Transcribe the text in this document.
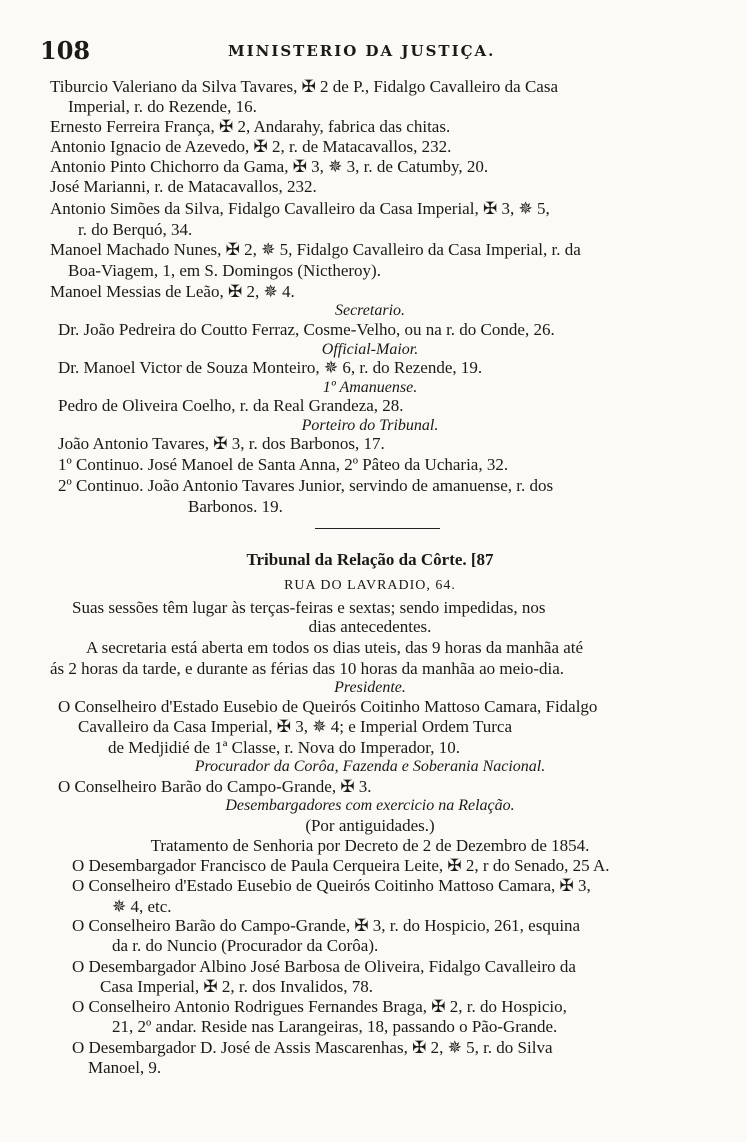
108	MINISTERIO DA JUSTIÇA.
Tiburcio Valeriano da Silva Tavares, ✠ 2 de P., Fidalgo Cavalleiro da Casa
Imperial, r. do Rezende, 16.
Ernesto Ferreira França, ✠ 2, Andarahy, fabrica das chitas.
Antonio Ignacio de Azevedo, ✠ 2, r. de Matacavallos, 232.
Antonio Pinto Chichorro da Gama, ✠ 3, ✵ 3, r. de Catumby, 20.
José Marianni, r. de Matacavallos, 232.
Antonio Simões da Silva, Fidalgo Cavalleiro da Casa Imperial, ✠ 3, ✵ 5,
r. do Berquó, 34.
Manoel Machado Nunes, ✠ 2, ✵ 5, Fidalgo Cavalleiro da Casa Imperial, r. da
Boa-Viagem, 1, em S. Domingos (Nictheroy).
Manoel Messias de Leão, ✠ 2, ✵ 4.
Secretario.
Dr. João Pedreira do Coutto Ferraz, Cosme-Velho, ou na r. do Conde, 26.
Official-Maior.
Dr. Manoel Victor de Souza Monteiro, ✵ 6, r. do Rezende, 19.
1º Amanuense.
Pedro de Oliveira Coelho, r. da Real Grandeza, 28.
Porteiro do Tribunal.
João Antonio Tavares, ✠ 3, r. dos Barbonos, 17.
1º Continuo. José Manoel de Santa Anna, 2º Pâteo da Ucharia, 32.
2º Continuo. João Antonio Tavares Junior, servindo de amanuense, r. dos
Barbonos. 19.
Tribunal da Relação da Côrte. [87
RUA DO LAVRADIO, 64.
Suas sessões têm lugar às terças-feiras e sextas; sendo impedidas, nos
dias antecedentes.
A secretaria está aberta em todos os dias uteis, das 9 horas da manhãa até
ás 2 horas da tarde, e durante as férias das 10 horas da manhãa ao meio-dia.
Presidente.
O Conselheiro d'Estado Eusebio de Queirós Coitinho Mattoso Camara, Fidalgo
Cavalleiro da Casa Imperial, ✠ 3, ✵ 4; e Imperial Ordem Turca
de Medjidié de 1ª Classe, r. Nova do Imperador, 10.
Procurador da Corôa, Fazenda e Soberania Nacional.
O Conselheiro Barão do Campo-Grande, ✠ 3.
Desembargadores com exercicio na Relação.
(Por antiguidades.)
Tratamento de Senhoria por Decreto de 2 de Dezembro de 1854.
O Desembargador Francisco de Paula Cerqueira Leite, ✠ 2, r do Senado, 25 A.
O Conselheiro d'Estado Eusebio de Queirós Coitinho Mattoso Camara, ✠ 3,
✵ 4, etc.
O Conselheiro Barão do Campo-Grande, ✠ 3, r. do Hospicio, 261, esquina
da r. do Nuncio (Procurador da Corôa).
O Desembargador Albino José Barbosa de Oliveira, Fidalgo Cavalleiro da
Casa Imperial, ✠ 2, r. dos Invalidos, 78.
O Conselheiro Antonio Rodrigues Fernandes Braga, ✠ 2, r. do Hospicio,
21, 2º andar. Reside nas Larangeiras, 18, passando o Pão-Grande.
O Desembargador D. José de Assis Mascarenhas, ✠ 2, ✵ 5, r. do Silva
Manoel, 9.
